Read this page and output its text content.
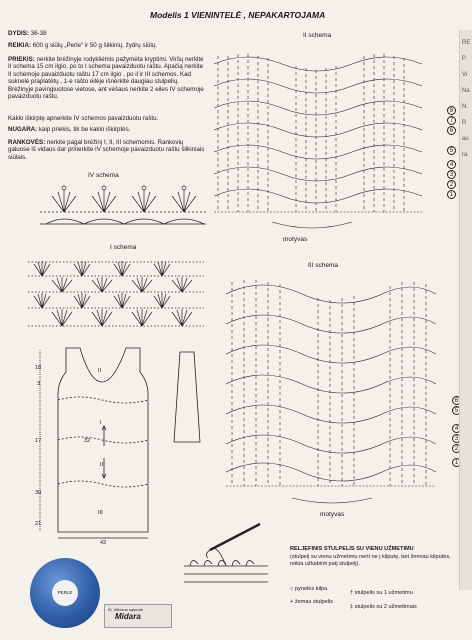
Modelis 1 VIENINTELĖ , NEPAKARTOJAMA
DYDIS: 36-38
REIKIA: 600 g siūlų „Perle“ ir 50 g šilkinių, žydrų siūlų.
PRIEKIS: nerkite brėžinyje rodykliėmis pažymėta kryptimi. Viršų nerkite II schema 15 cm ilgio, po to I schema pavaizduotu raštu. Apačią nerkite II schemoje pavaizduotu raštu 17 cm ilgio , po il ir III schemos. Kad suknelė praplatėtų , 1-e rašto eilėje išnerkite daugiau stulpelių. Brėžinyje pavingiuotose vietose, ant vėšaus nerkite 2 eiles IV schemoje pavaizduotu raštu.
Kaklo iškirptę apnerkite IV schemos pavaizduotu raštu.
NUGARA: kaip priekis, tik be kaklo iškirptės.
RANKOVĖS: nerkite pagal brėžinį I, II, III schemomis. Rankovių galuose iš vidaus dar prinerkite IV schemoje pavaizduotu raštu šilkiniais siūlais.
IV schema
I schema
II schema
III schema
motyvas
motyvas
8
7
6
5
4
3
2
1
6
5
4
3
2
1
18
3
17	32
30
21
42
II
I
II
III
PERLE
Ei. Vilniaus sąsuotė
Midara
RELJEFINIS STULPELIS SU VIENU UŽMETIMU
(stulpelį su vienu užmetimu nerti ne į kilputę, bet žemiau kilputės, reikia užkabinti patį stulpelį).
○ pynelės kilpa
+ žemas stulpelis
† stulpelis su 1 užmetimu
‡ stulpelis su 2 užmetimais
RE
P
Vi
Na
N.
R
au
ra
